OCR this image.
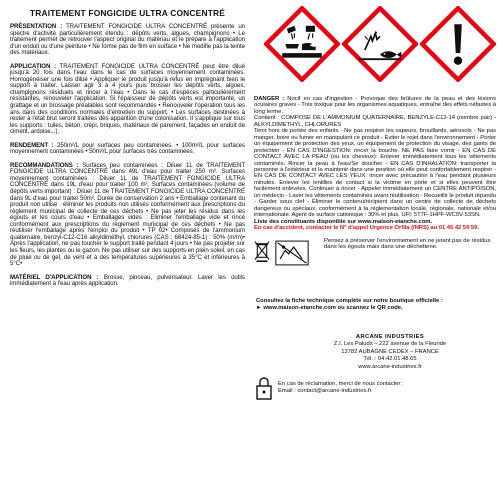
TRAITEMENT FONGICIDE ULTRA CONCENTRÉ

PRÉSENTATION : TRAITEMENT FONGICIDE ULTRA CONCENTRÉ présente un spectre d'activité particulièrement étendu : dépôts verts, algues, champignons • Le traitement permet de retrouver l'aspect original du matériau et le prépare à l'application d'un enduit ou d'une peinture • Ne forme pas de film en surface • Ne modifie pas la teinte des matériaux.

APPLICATION : TRAITEMENT FONGICIDE ULTRA CONCENTRÉ peut être dilué jusqu'à 20 fois dans l'eau dans le cas de surfaces moyennement contaminées. Homogénéiser une fois dilué • Appliquer le produit jusqu'à refus en imprégnant bien le support à traiter. Laisser agir 3 à 4 jours puis brosser les dépôts verts, algues, champignons résiduels et rincer à l'eau • Dans le cas d'espèces particulièrement résistantes, renouveler l'application. Si l'épaisseur de dépôts verts est importante, un grattage et un brossage préalables sont recommandés • Renouveler l'opération tous les ans dans des conditions normales d'entretien du support. • Les surfaces destinées à rester à l'état brut seront traitées dès apparition d'une colonisation. Il s'applique sur tous les supports : tuiles, béton, crépi, briques, matériaux de parement, façades en enduit de ciment, ardoise...).

RENDEMENT : 250m²/L pour surfaces peu contaminées. • 100m²/L pour surfaces moyennement contaminées • 50m²/L pour surfaces très contaminées.

RECOMMANDATIONS : Surfaces peu contaminées : Diluer 1L de TRAITEMENT FONGICIDE ULTRA CONCENTRÉ dans 49L d'eau pour traiter 250 m². Surfaces moyennement contaminées : Diluer 1L de TRAITEMENT FONGICIDE ULTRA CONCENTRÉ dans 19L d'eau pour traiter 100 m². Surfaces contaminées (volume de dépôts verts important) : Diluer 1L de TRAITEMENT FONGICIDE ULTRA CONCENTRÉ dans 9L d'eau pour traiter 50m². Durée de conservation 2 ans • Emballage contenant du produit non utilisé : éliminer les produits non utilisés conformément aux prescriptions du règlement municipal de collecte de ces déchets • Ne pas jeter les résidus dans les égouts et les cours d'eau • Emballages vides : Eliminer l'emballage vide et rincé conformément aux prescriptions du règlement municipal de ces déchets • Ne pas réutiliser l'emballage après l'emploi du produit • TP 02• Composés de l'ammonium quaternaire, benzyl-C12-C16 alkyldiméthyl, chlorures (CAS : 68424-85-1) : 50% (m/m)• Après l'application, ne pas toucher le support traité pendant 4 jours • Ne pas projeter sur les fleurs, les plantes ou le gazon. Ne pas utiliser sur des supports en plein soleil, en cas de pluie ou de gel, de vent et à des températures supérieures à 35°C et inférieures à 5°C•

MATÉRIEL D'APPLICATION : Brosse, pinceau, pulvérisateur. Laver les outils immédiatement à l'eau après application.

DANGER : Nocif en cas d'ingestion - Provoque des brûlures de la peau et des lésions oculaires graves - Très toxique pour les organismes aquatiques, entraîne des effets néfastes à long terme.

Contient : COMPOSE DE L'AMMONIUM QUATERNAIRE, BENZYLE-C12-14 (nombre pair) - ALKYLDIMETHYL, CHLORURES

Tenir hors de portée des enfants - Ne pas respirer les vapeurs, brouillards, aérosols - Ne pas manger, boire ou fumer en manipulant ce produit - Éviter le rejet dans l'environnement - Porter un équipement de protection des yeux, un équipement de protection du visage, des gants de protection - EN CAS D'INGESTION: rincer la bouche. NE PAS faire vomir - EN CAS DE CONTACT AVEC LA PEAU (ou les cheveux): Enlever immédiatement tous les vêtements contaminés. Rincer la peau à l'eau/Se doucher - EN CAS D'INHALATION: transporter la personne à l'extérieur et la maintenir dans une position où elle peut confortablement respirer - EN CAS DE CONTACT AVEC LES YEUX: rincer avec précaution à l'eau pendant plusieurs minutes. Enlever les lentilles de contact si la victime en porte et si elles peuvent être facilement enlevées. Continuer à rincer - Appeler immédiatement un CENTRE ANTIPOISON, un médecin - Laver les vêtements contaminés avant réutilisation - Recueillir le produit répandu - Garder sous clef - Éliminer le contenu/récipient dans un centre de collecte de déchets dangereux ou spéciaux, conformément à la réglementation locale, régionale, nationale et/ou internationale. Agent de surface cationique : 30% et plus. UFI: 5T7F-1HPF-WC0V-53SN.

Liste des constituants disponible sur www.maison-etanche.com.

En cas d'accident, contacter le N° d'appel Urgence Orfila (INRS) au 01 45 42 59 59.

Pensez à préserver l'environnement en ne jetant pas de résidus dans les égouts mais dans une déchetterie.
Consultez la fiche technique complète sur notre boutique officielle :
► www.maison-etanche.com ou scannez le QR code.
ARCANE INDUSTRIES
Z.I. Les Paluds – 222 avenue de la Fleuride
13782 AUBAGNE CEDEX – FRANCE
Tél. : 04.42.01.48.65
www.arcane-industries.fr
En cas de réclamation, merci de nous contacter :
Email : contact@arcane-industries.fr
